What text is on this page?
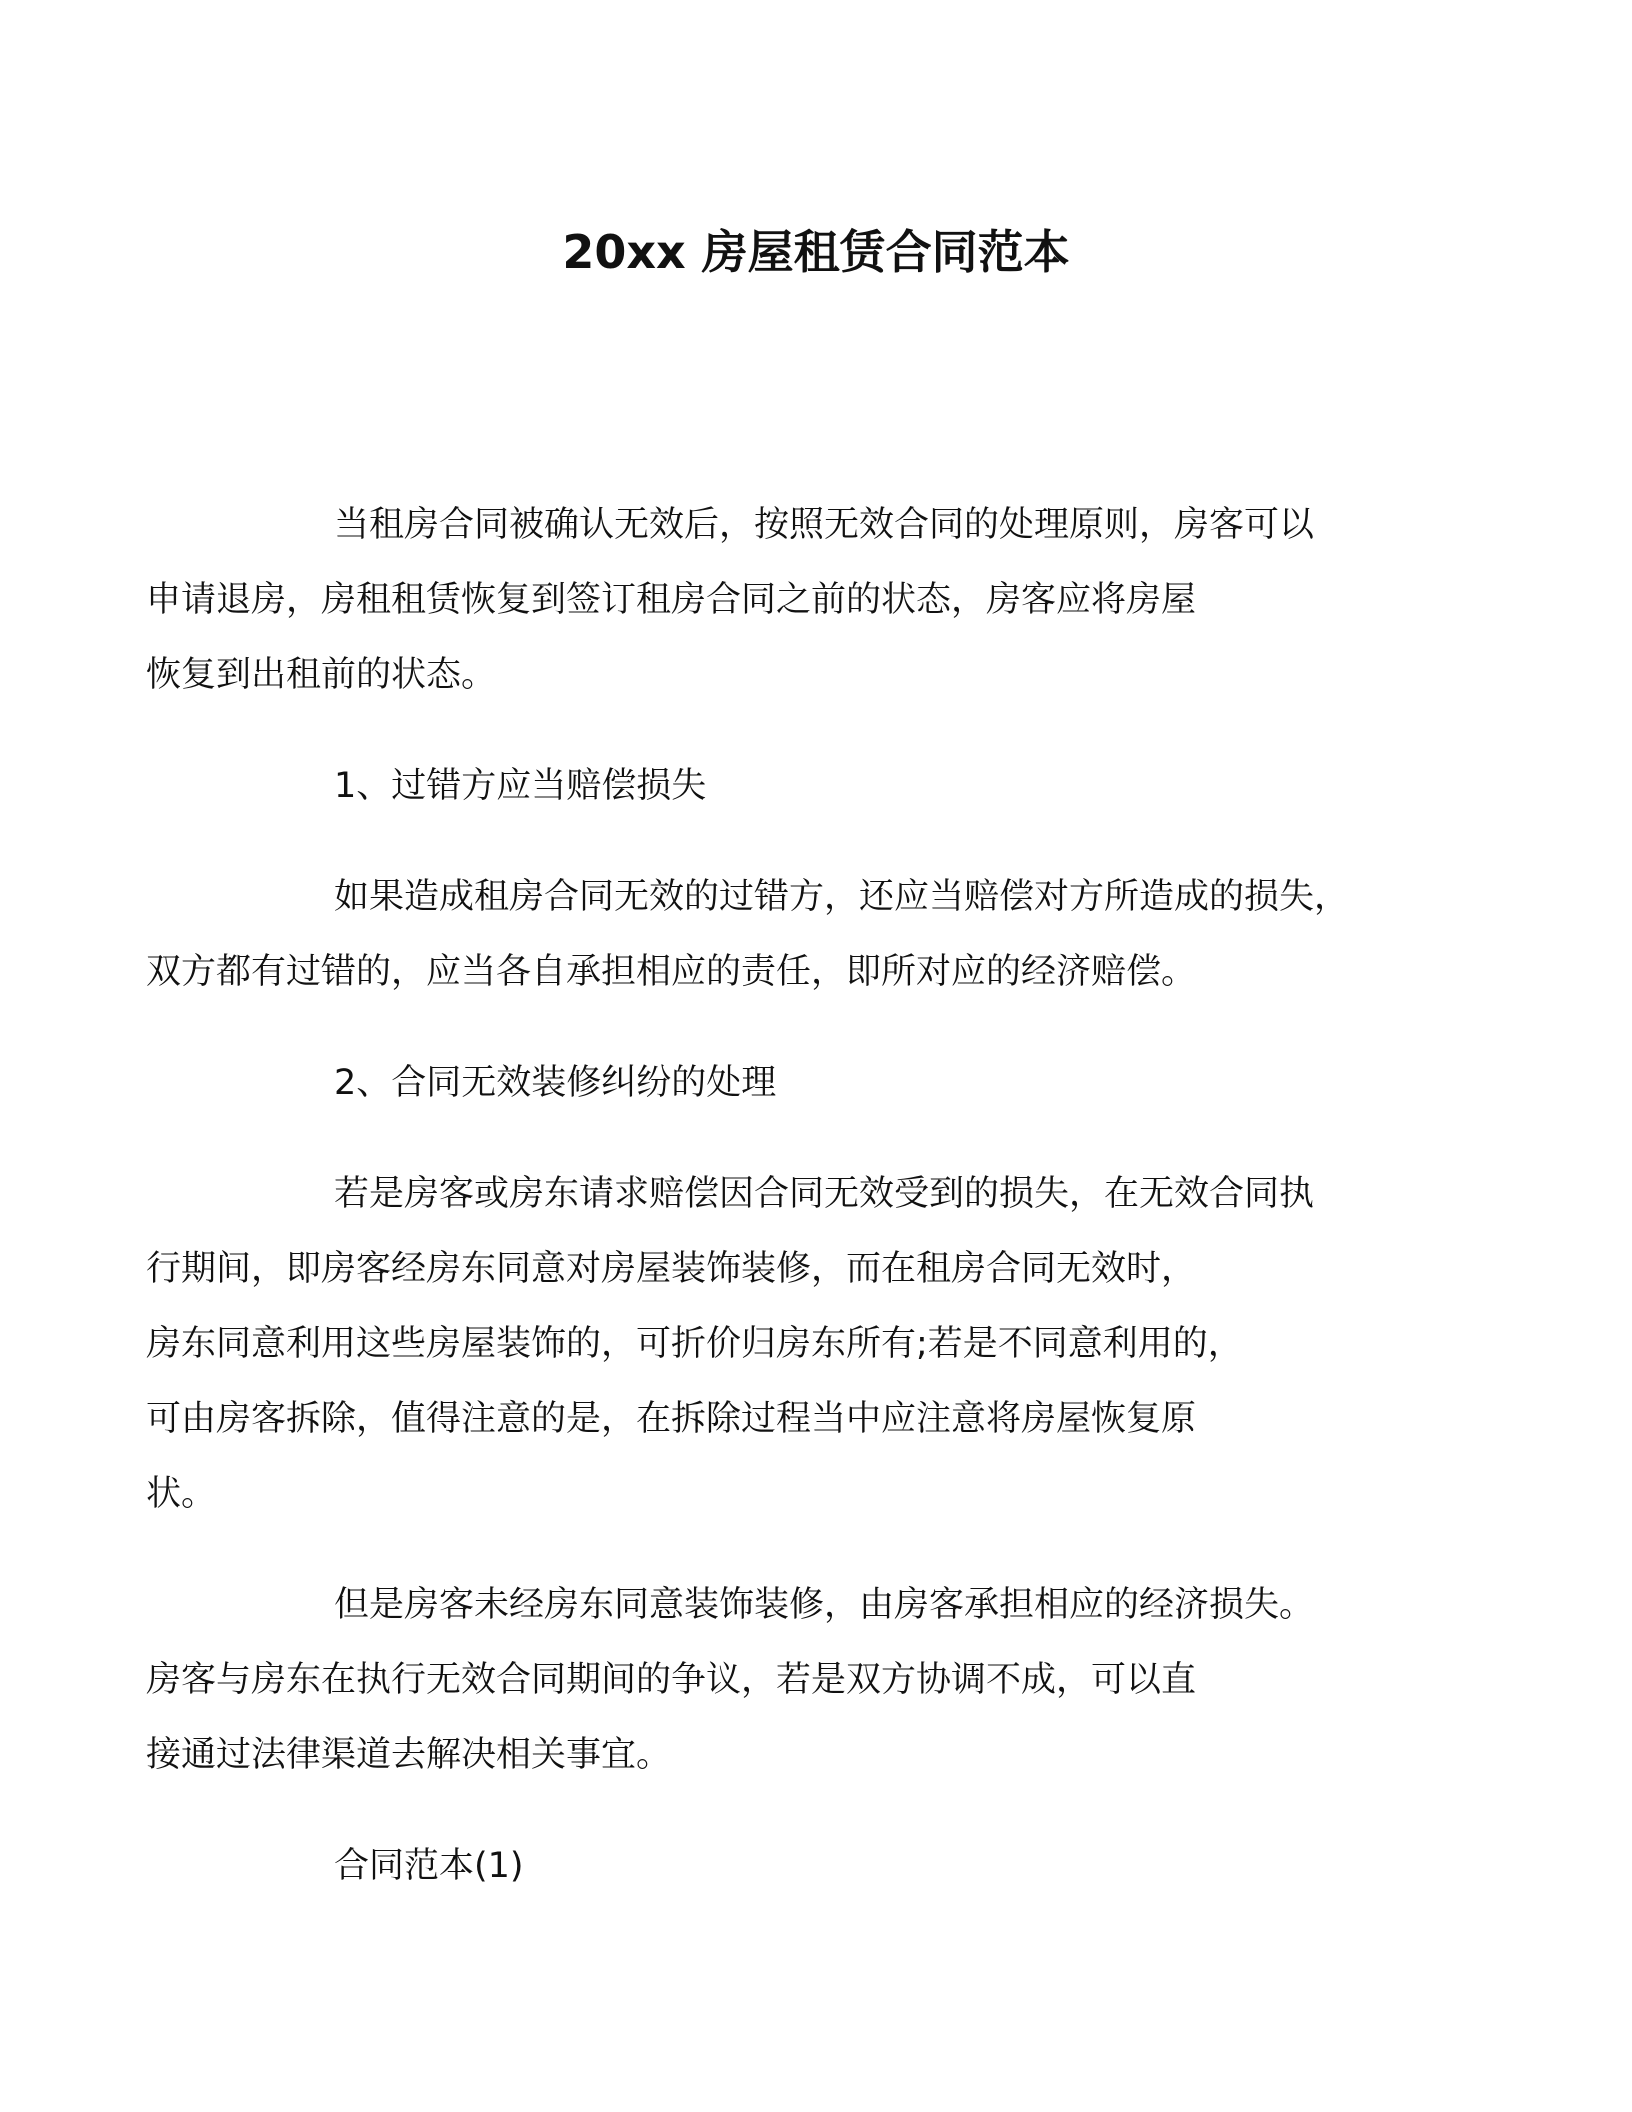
20xx 房屋租赁合同范本

当租房合同被确认无效后，按照无效合同的处理原则，房客可以
申请退房，房租租赁恢复到签订租房合同之前的状态，房客应将房屋
恢复到出租前的状态。

1、过错方应当赔偿损失

如果造成租房合同无效的过错方，还应当赔偿对方所造成的损失，
双方都有过错的，应当各自承担相应的责任，即所对应的经济赔偿。

2、合同无效装修纠纷的处理

若是房客或房东请求赔偿因合同无效受到的损失，在无效合同执
行期间，即房客经房东同意对房屋装饰装修，而在租房合同无效时，
房东同意利用这些房屋装饰的，可折价归房东所有;若是不同意利用的，
可由房客拆除，值得注意的是，在拆除过程当中应注意将房屋恢复原
状。

但是房客未经房东同意装饰装修，由房客承担相应的经济损失。
房客与房东在执行无效合同期间的争议，若是双方协调不成，可以直
接通过法律渠道去解决相关事宜。

合同范本(1)
